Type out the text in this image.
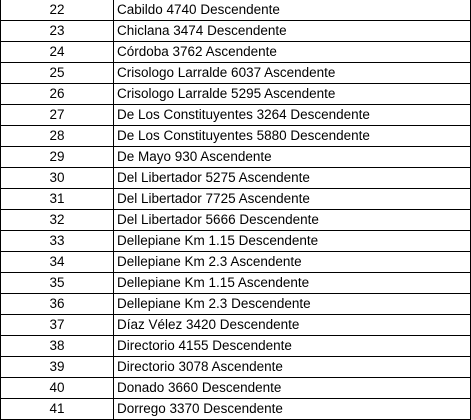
22	Cabildo 4740 Descendente
23	Chiclana 3474 Descendente
24	Córdoba 3762 Ascendente
25	Crisologo Larralde 6037 Ascendente
26	Crisologo Larralde 5295 Ascendente
27	De Los Constituyentes 3264 Descendente
28	De Los Constituyentes 5880 Descendente
29	De Mayo 930 Ascendente
30	Del Libertador 5275 Ascendente
31	Del Libertador 7725 Ascendente
32	Del Libertador 5666 Descendente
33	Dellepiane Km 1.15 Descendente
34	Dellepiane Km 2.3 Ascendente
35	Dellepiane Km 1.15 Ascendente
36	Dellepiane Km 2.3 Descendente
37	Díaz Vélez 3420 Descendente
38	Directorio 4155 Descendente
39	Directorio 3078 Ascendente
40	Donado 3660 Descendente
41	Dorrego 3370 Descendente
